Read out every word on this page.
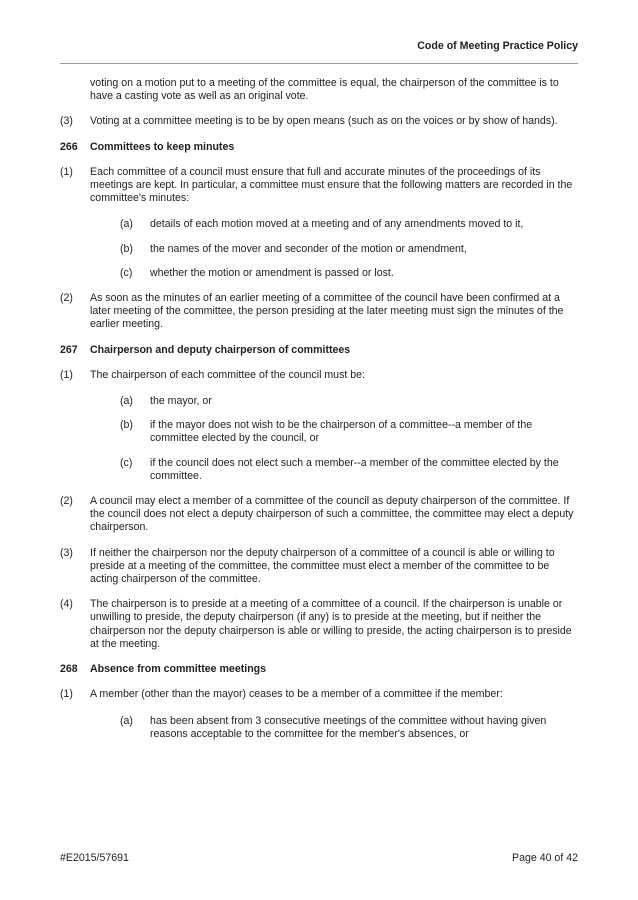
Code of Meeting Practice Policy
voting on a motion put to a meeting of the committee is equal, the chairperson of the committee is to have a casting vote as well as an original vote.
(3) Voting at a committee meeting is to be by open means (such as on the voices or by show of hands).
266	Committees to keep minutes
(1) Each committee of a council must ensure that full and accurate minutes of the proceedings of its meetings are kept. In particular, a committee must ensure that the following matters are recorded in the committee's minutes:
(a) details of each motion moved at a meeting and of any amendments moved to it,
(b) the names of the mover and seconder of the motion or amendment,
(c) whether the motion or amendment is passed or lost.
(2) As soon as the minutes of an earlier meeting of a committee of the council have been confirmed at a later meeting of the committee, the person presiding at the later meeting must sign the minutes of the earlier meeting.
267	Chairperson and deputy chairperson of committees
(1) The chairperson of each committee of the council must be:
(a) the mayor, or
(b) if the mayor does not wish to be the chairperson of a committee--a member of the committee elected by the council, or
(c) if the council does not elect such a member--a member of the committee elected by the committee.
(2) A council may elect a member of a committee of the council as deputy chairperson of the committee. If the council does not elect a deputy chairperson of such a committee, the committee may elect a deputy chairperson.
(3) If neither the chairperson nor the deputy chairperson of a committee of a council is able or willing to preside at a meeting of the committee, the committee must elect a member of the committee to be acting chairperson of the committee.
(4) The chairperson is to preside at a meeting of a committee of a council. If the chairperson is unable or unwilling to preside, the deputy chairperson (if any) is to preside at the meeting, but if neither the chairperson nor the deputy chairperson is able or willing to preside, the acting chairperson is to preside at the meeting.
268	Absence from committee meetings
(1) A member (other than the mayor) ceases to be a member of a committee if the member:
(a) has been absent from 3 consecutive meetings of the committee without having given reasons acceptable to the committee for the member's absences, or
#E2015/57691	Page 40 of 42
